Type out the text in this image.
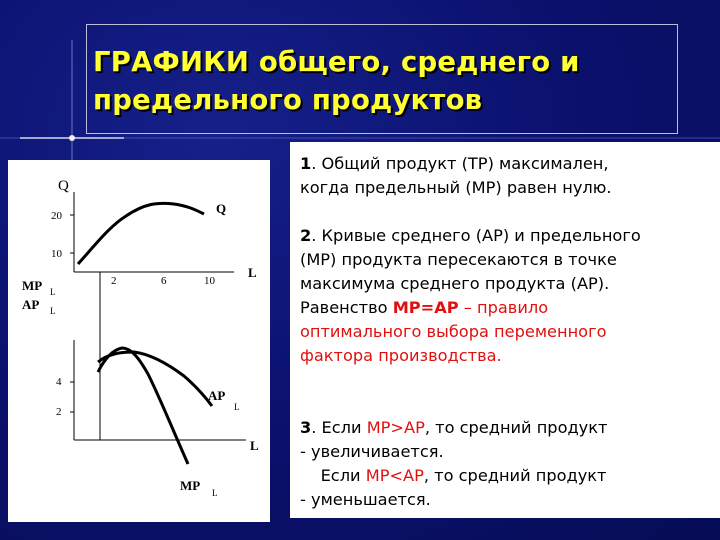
ГРАФИКИ общего, среднего и
предельного продуктов
Q
Q
20
10
2	6	10
L
MP L
AP L
4
2
AP
L
L
MP L
1. Общий продукт (ТР) максимален,
когда предельный (МР) равен нулю.
2. Кривые среднего (АР) и предельного
(МР) продукта пересекаются в точке
максимума среднего продукта (АР).
Равенство MP=AP – правило
оптимального выбора переменного
фактора производства.
3. Если MP>AP, то средний продукт
- увеличивается.
Если MP<AP, то средний продукт
- уменьшается.
